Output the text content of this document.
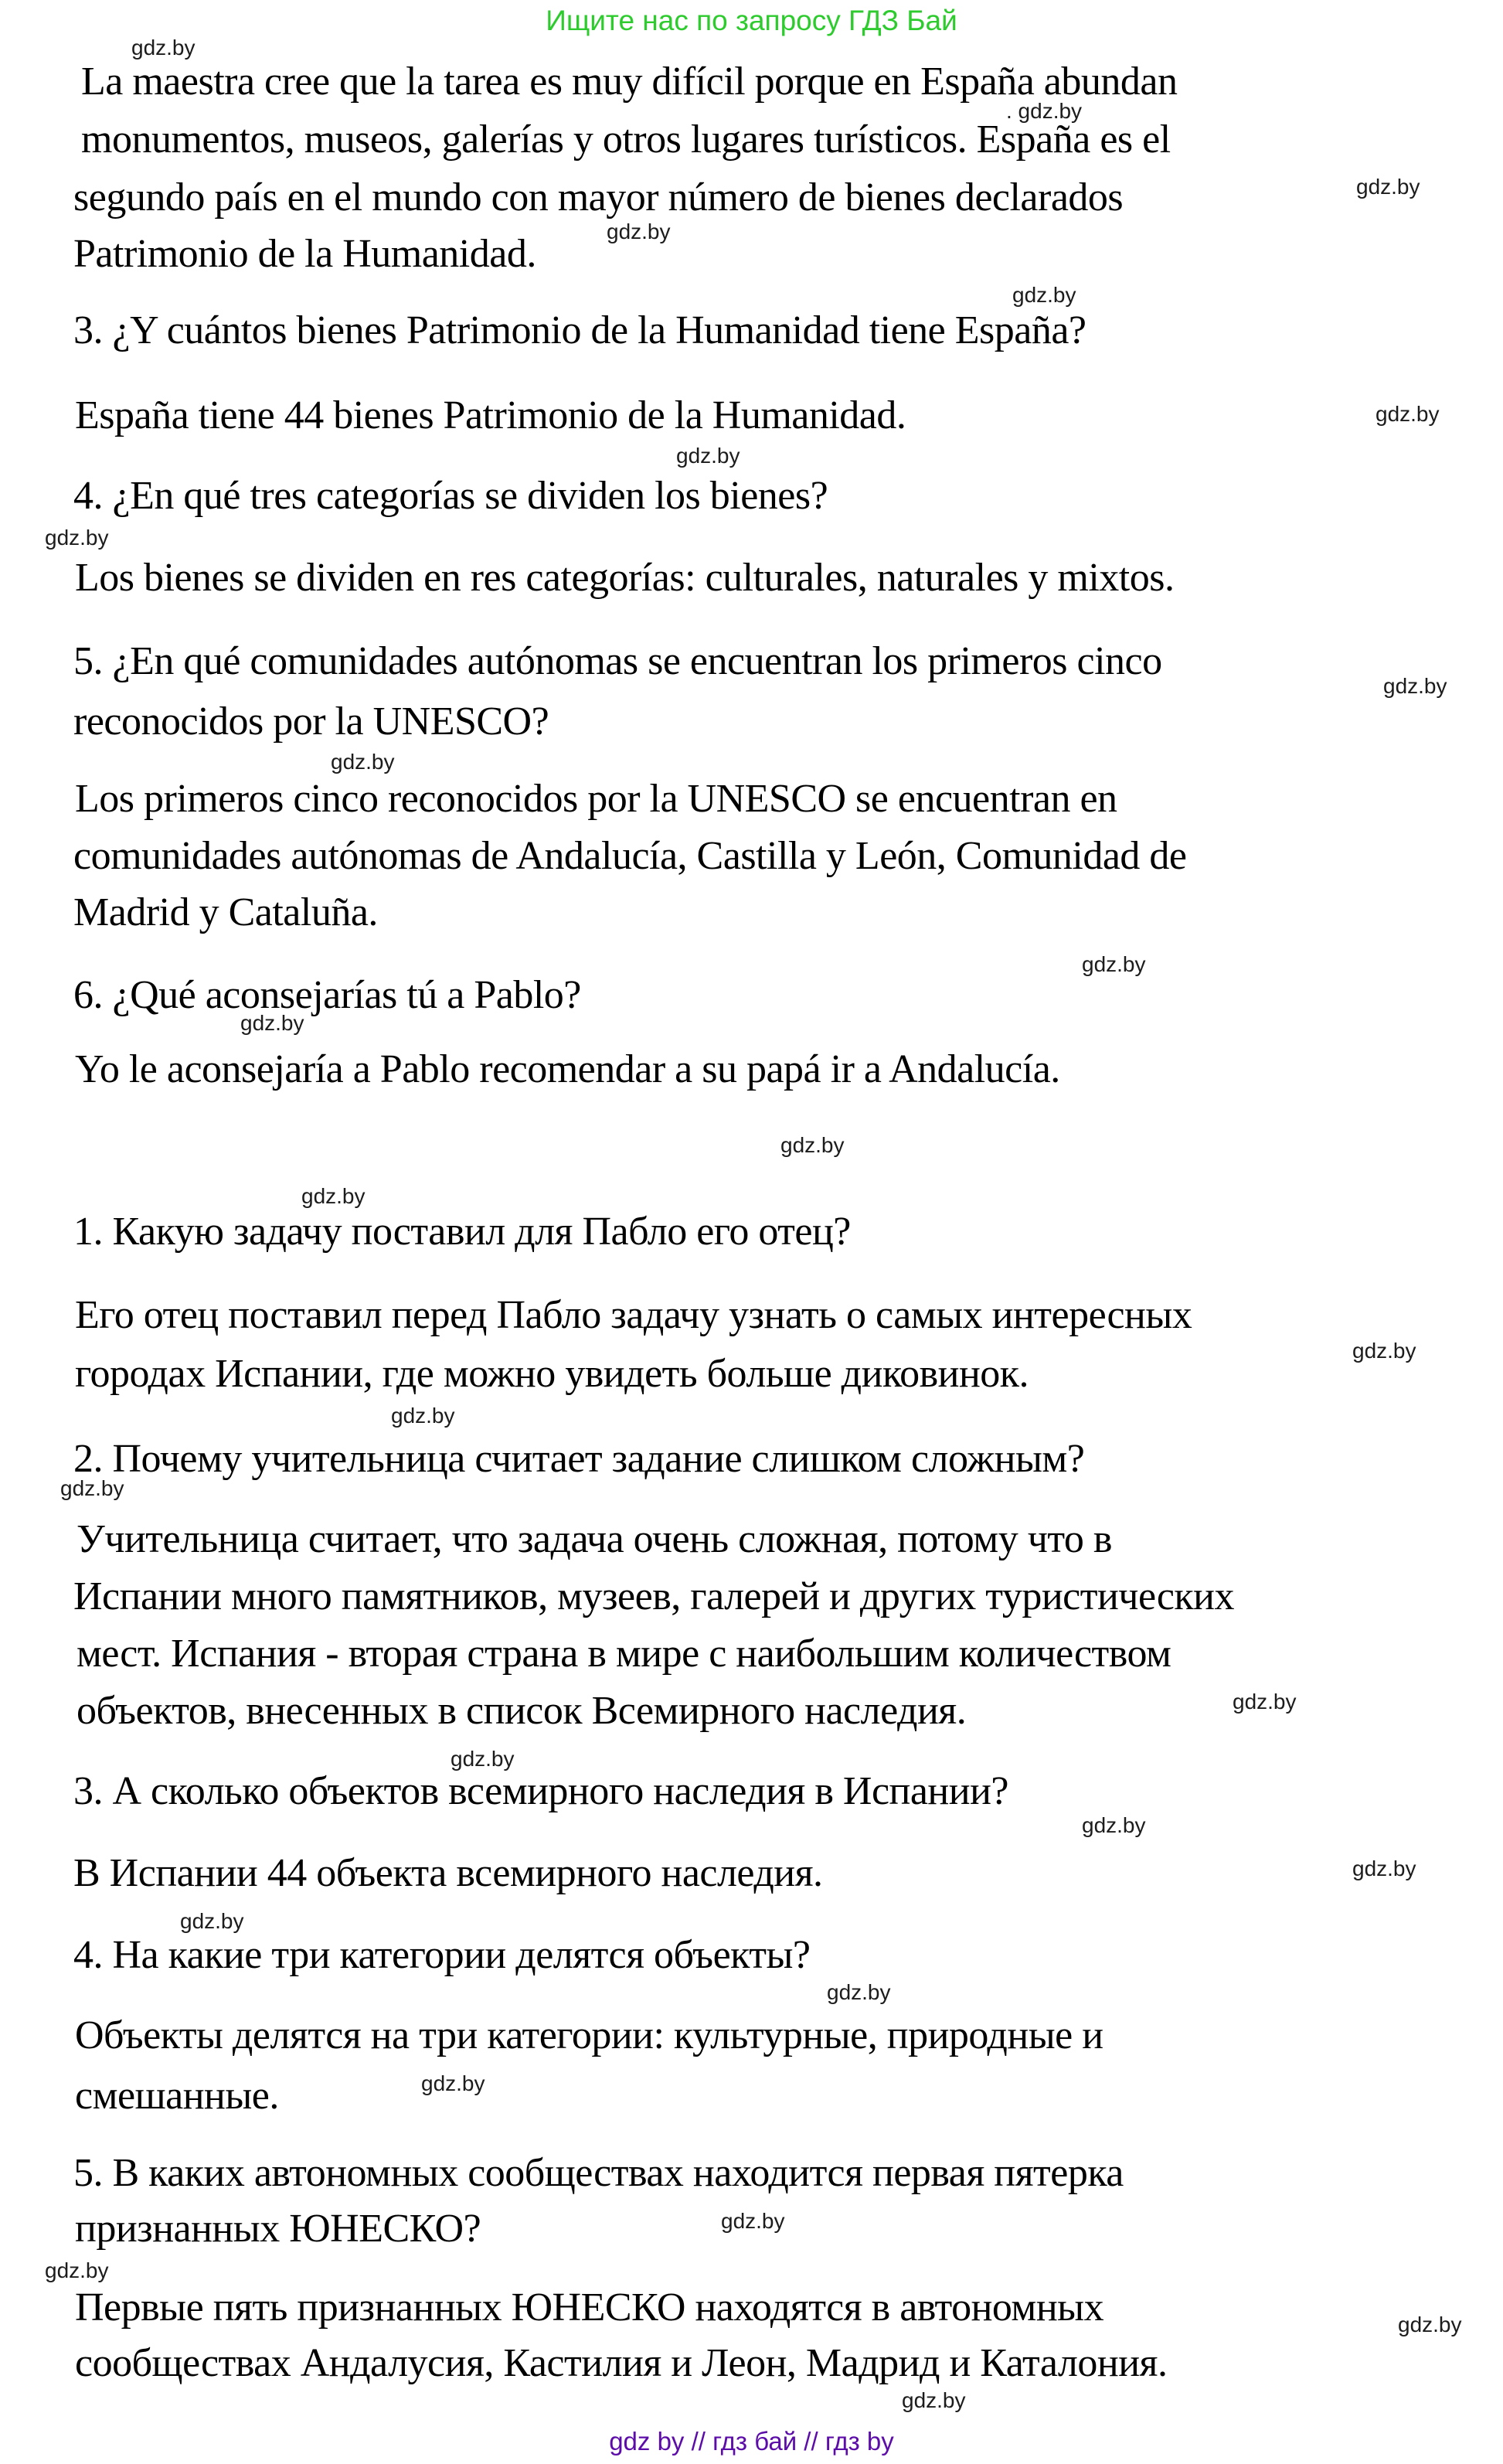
Ищите нас по запросу ГДЗ Бай
La maestra cree que la tarea es muy difícil porque en España abundan
monumentos, museos, galerías y otros lugares turísticos. España es el
segundo país en el mundo con mayor número de bienes declarados
Patrimonio de la Humanidad.
3. ¿Y cuántos bienes Patrimonio de la Humanidad tiene España?
España tiene 44 bienes Patrimonio de la Humanidad.
4. ¿En qué tres categorías se dividen los bienes?
Los bienes se dividen en res categorías: culturales, naturales y mixtos.
5. ¿En qué comunidades autónomas se encuentran los primeros cinco
reconocidos por la UNESCO?
Los primeros cinco reconocidos por la UNESCO se encuentran en
comunidades autónomas de Andalucía, Castilla y León, Comunidad de
Madrid y Cataluña.
6. ¿Qué aconsejarías tú a Pablo?
Yo le aconsejaría a Pablo recomendar a su papá ir a Andalucía.
1. Какую задачу поставил для Пабло его отец?
Его отец поставил перед Пабло задачу узнать о самых интересных
городах Испании, где можно увидеть больше диковинок.
2. Почему учительница считает задание слишком сложным?
Учительница считает, что задача очень сложная, потому что в
Испании много памятников, музеев, галерей и других туристических
мест. Испания - вторая страна в мире с наибольшим количеством
объектов, внесенных в список Всемирного наследия.
3. А сколько объектов всемирного наследия в Испании?
В Испании 44 объекта всемирного наследия.
4. На какие три категории делятся объекты?
Объекты делятся на три категории: культурные, природные и
смешанные.
5. В каких автономных сообществах находится первая пятерка
признанных ЮНЕСКО?
Первые пять признанных ЮНЕСКО находятся в автономных
сообществах Андалусия, Кастилия и Леон, Мадрид и Каталония.
gdz.by
. gdz.by
gdz.by
gdz.by
gdz.by
gdz.by
gdz.by
gdz.by
gdz.by
gdz.by
gdz.by
gdz.by
gdz.by
gdz.by
gdz.by
gdz.by
gdz.by
gdz.by
gdz.by
gdz.by
gdz.by
gdz.by
gdz.by
gdz.by
gdz.by
gdz.by
gdz.by
gdz.by
gdz by // гдз бай // гдз by
